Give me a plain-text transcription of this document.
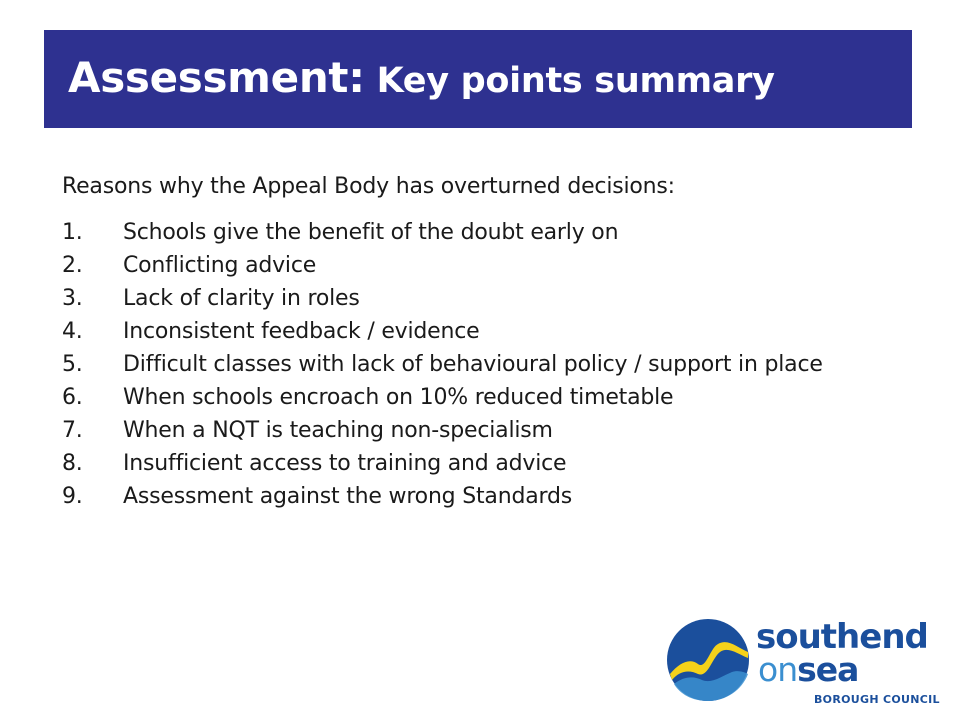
Assessment: Key points summary

Reasons why the Appeal Body has overturned decisions:

1.	Schools give the benefit of the doubt early on
2.	Conflicting advice
3.	Lack of clarity in roles
4.	Inconsistent feedback / evidence
5.	Difficult classes with lack of behavioural policy / support in place
6.	When schools encroach on 10% reduced timetable
7.	When a NQT is teaching non-specialism
8.	Insufficient access to training and advice
9.	Assessment against the wrong Standards
southend
onsea
BOROUGH COUNCIL
